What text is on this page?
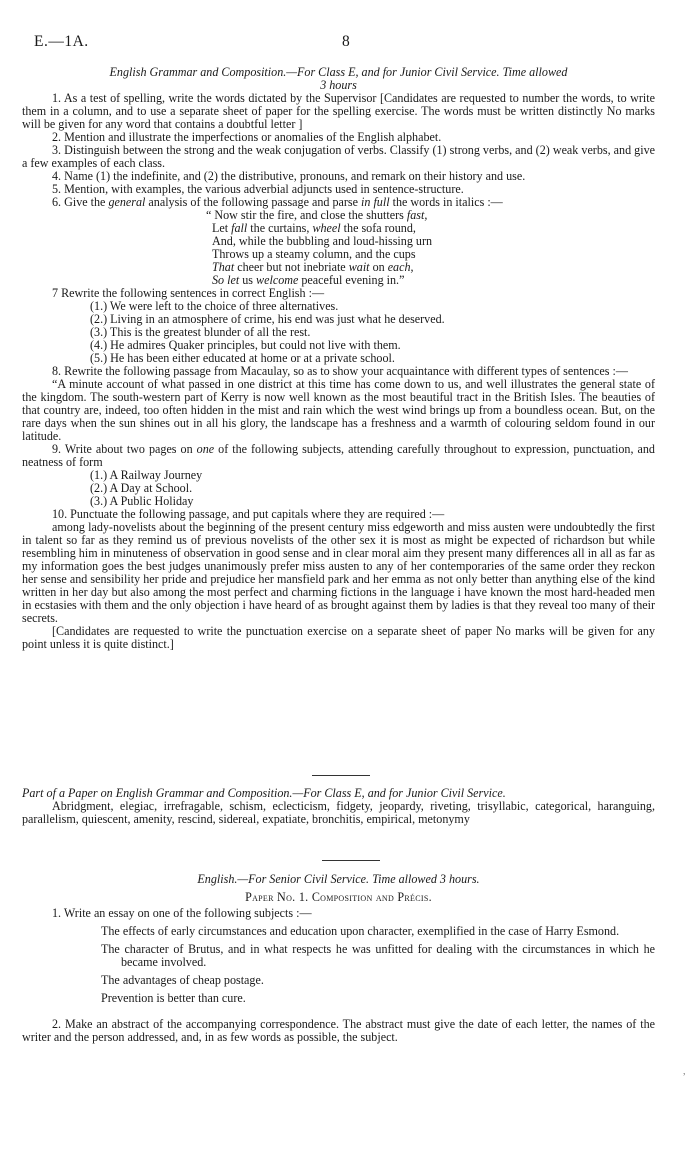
E.—1A.	8

English Grammar and Composition.—For Class E, and for Junior Civil Service. Time allowed

3 hours

1. As a test of spelling, write the words dictated by the Supervisor [Candidates are requested to number the words, to write them in a column, and to use a separate sheet of paper for the spelling exercise. The words must be written distinctly No marks will be given for any word that contains a doubtful letter ]

2. Mention and illustrate the imperfections or anomalies of the English alphabet.

3. Distinguish between the strong and the weak conjugation of verbs. Classify (1) strong verbs, and (2) weak verbs, and give a few examples of each class.

4. Name (1) the indefinite, and (2) the distributive, pronouns, and remark on their history and use.

5. Mention, with examples, the various adverbial adjuncts used in sentence-structure.

6. Give the general analysis of the following passage and parse in full the words in italics :—

“ Now stir the fire, and close the shutters fast,

Let fall the curtains, wheel the sofa round,

And, while the bubbling and loud-hissing urn

Throws up a steamy column, and the cups

That cheer but not inebriate wait on each,

So let us welcome peaceful evening in.”

7 Rewrite the following sentences in correct English :—

(1.) We were left to the choice of three alternatives.

(2.) Living in an atmosphere of crime, his end was just what he deserved.

(3.) This is the greatest blunder of all the rest.

(4.) He admires Quaker principles, but could not live with them.

(5.) He has been either educated at home or at a private school.

8. Rewrite the following passage from Macaulay, so as to show your acquaintance with different types of sentences :—

“A minute account of what passed in one district at this time has come down to us, and well illustrates the general state of the kingdom. The south-western part of Kerry is now well known as the most beautiful tract in the British Isles. The beauties of that country are, indeed, too often hidden in the mist and rain which the west wind brings up from a boundless ocean. But, on the rare days when the sun shines out in all his glory, the landscape has a freshness and a warmth of colouring seldom found in our latitude.

9. Write about two pages on one of the following subjects, attending carefully throughout to expression, punctuation, and neatness of form

(1.) A Railway Journey

(2.) A Day at School.

(3.) A Public Holiday

10. Punctuate the following passage, and put capitals where they are required :—

among lady-novelists about the beginning of the present century miss edgeworth and miss austen were undoubtedly the first in talent so far as they remind us of previous novelists of the other sex it is most as might be expected of richardson but while resembling him in minuteness of observation in good sense and in clear moral aim they present many differences all in all as far as my information goes the best judges unanimously prefer miss austen to any of her contemporaries of the same order they reckon her sense and sensibility her pride and prejudice her mansfield park and her emma as not only better than anything else of the kind written in her day but also among the most perfect and charming fictions in the language i have known the most hard-headed men in ecstasies with them and the only objection i have heard of as brought against them by ladies is that they reveal too many of their secrets.

[Candidates are requested to write the punctuation exercise on a separate sheet of paper No marks will be given for any point unless it is quite distinct.]

Part of a Paper on English Grammar and Composition.—For Class E, and for Junior Civil Service.

Abridgment, elegiac, irrefragable, schism, eclecticism, fidgety, jeopardy, riveting, trisyllabic, categorical, haranguing, parallelism, quiescent, amenity, rescind, sidereal, expatiate, bronchitis, empirical, metonymy

English.—For Senior Civil Service. Time allowed 3 hours.

Paper No. 1. Composition and Précis.

1. Write an essay on one of the following subjects :—

The effects of early circumstances and education upon character, exemplified in the case of Harry Esmond.

The character of Brutus, and in what respects he was unfitted for dealing with the circumstances in which he became involved.

The advantages of cheap postage.

Prevention is better than cure.

2. Make an abstract of the accompanying correspondence. The abstract must give the date of each letter, the names of the writer and the person addressed, and, in as few words as possible, the subject.

,
